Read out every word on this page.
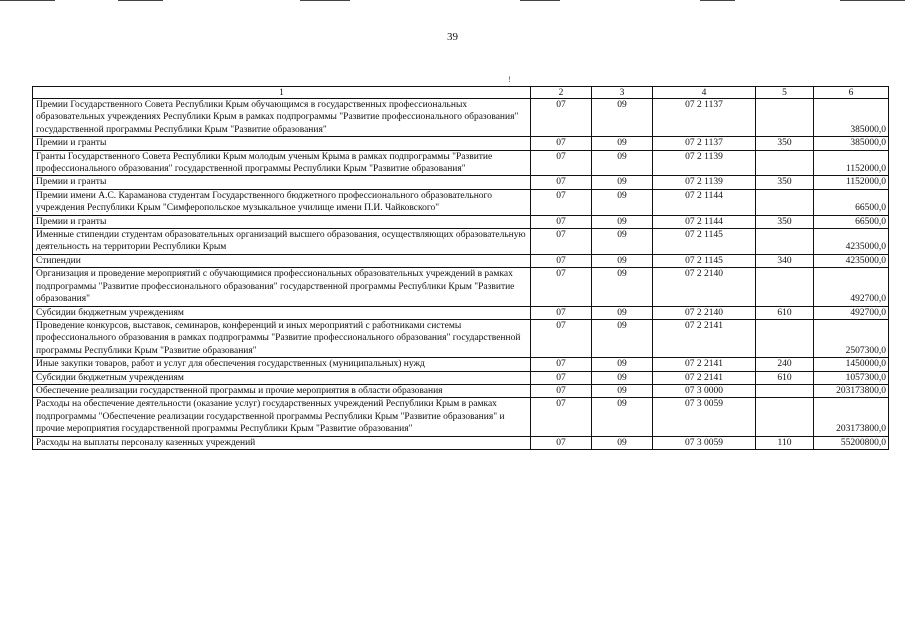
39
ǃ
1	2	3	4	5	6
Премии Государственного Совета Республики Крым обучающимся в государственных профессиональных образовательных учреждениях Республики Крым в рамках подпрограммы "Развитие профессионального образования" государственной программы Республики Крым "Развитие образования"	07	09	07 2 1137		385000,0
Премии и гранты	07	09	07 2 1137	350	385000,0
Гранты Государственного Совета Республики Крым молодым ученым Крыма в рамках подпрограммы "Развитие профессионального образования" государственной программы Республики Крым "Развитие образования"	07	09	07 2 1139		1152000,0
Премии и гранты	07	09	07 2 1139	350	1152000,0
Премии имени А.С. Караманова студентам Государственного бюджетного профессионального образовательного учреждения Республики Крым "Симферопольское музыкальное училище имени П.И. Чайковского"	07	09	07 2 1144		66500,0
Премии и гранты	07	09	07 2 1144	350	66500,0
Именные стипендии студентам образовательных организаций высшего образования, осуществляющих образовательную деятельность на территории Республики Крым	07	09	07 2 1145		4235000,0
Стипендии	07	09	07 2 1145	340	4235000,0
Организация и проведение мероприятий с обучающимися профессиональных образовательных учреждений в рамках подпрограммы "Развитие профессионального образования" государственной программы Республики Крым "Развитие образования"	07	09	07 2 2140		492700,0
Субсидии бюджетным учреждениям	07	09	07 2 2140	610	492700,0
Проведение конкурсов, выставок, семинаров, конференций и иных мероприятий с работниками системы профессионального образования в рамках подпрограммы "Развитие профессионального образования" государственной программы Республики Крым "Развитие образования"	07	09	07 2 2141		2507300,0
Иные закупки товаров, работ и услуг для обеспечения государственных (муниципальных) нужд	07	09	07 2 2141	240	1450000,0
Субсидии бюджетным учреждениям	07	09	07 2 2141	610	1057300,0
Обеспечение реализации государственной программы и прочие мероприятия в области образования	07	09	07 3 0000		203173800,0
Расходы на обеспечение деятельности (оказание услуг) государственных учреждений Республики Крым в рамках подпрограммы "Обеспечение реализации государственной программы Республики Крым "Развитие образования" и прочие мероприятия государственной программы Республики Крым "Развитие образования"	07	09	07 3 0059		203173800,0
Расходы на выплаты персоналу казенных учреждений	07	09	07 3 0059	110	55200800,0
